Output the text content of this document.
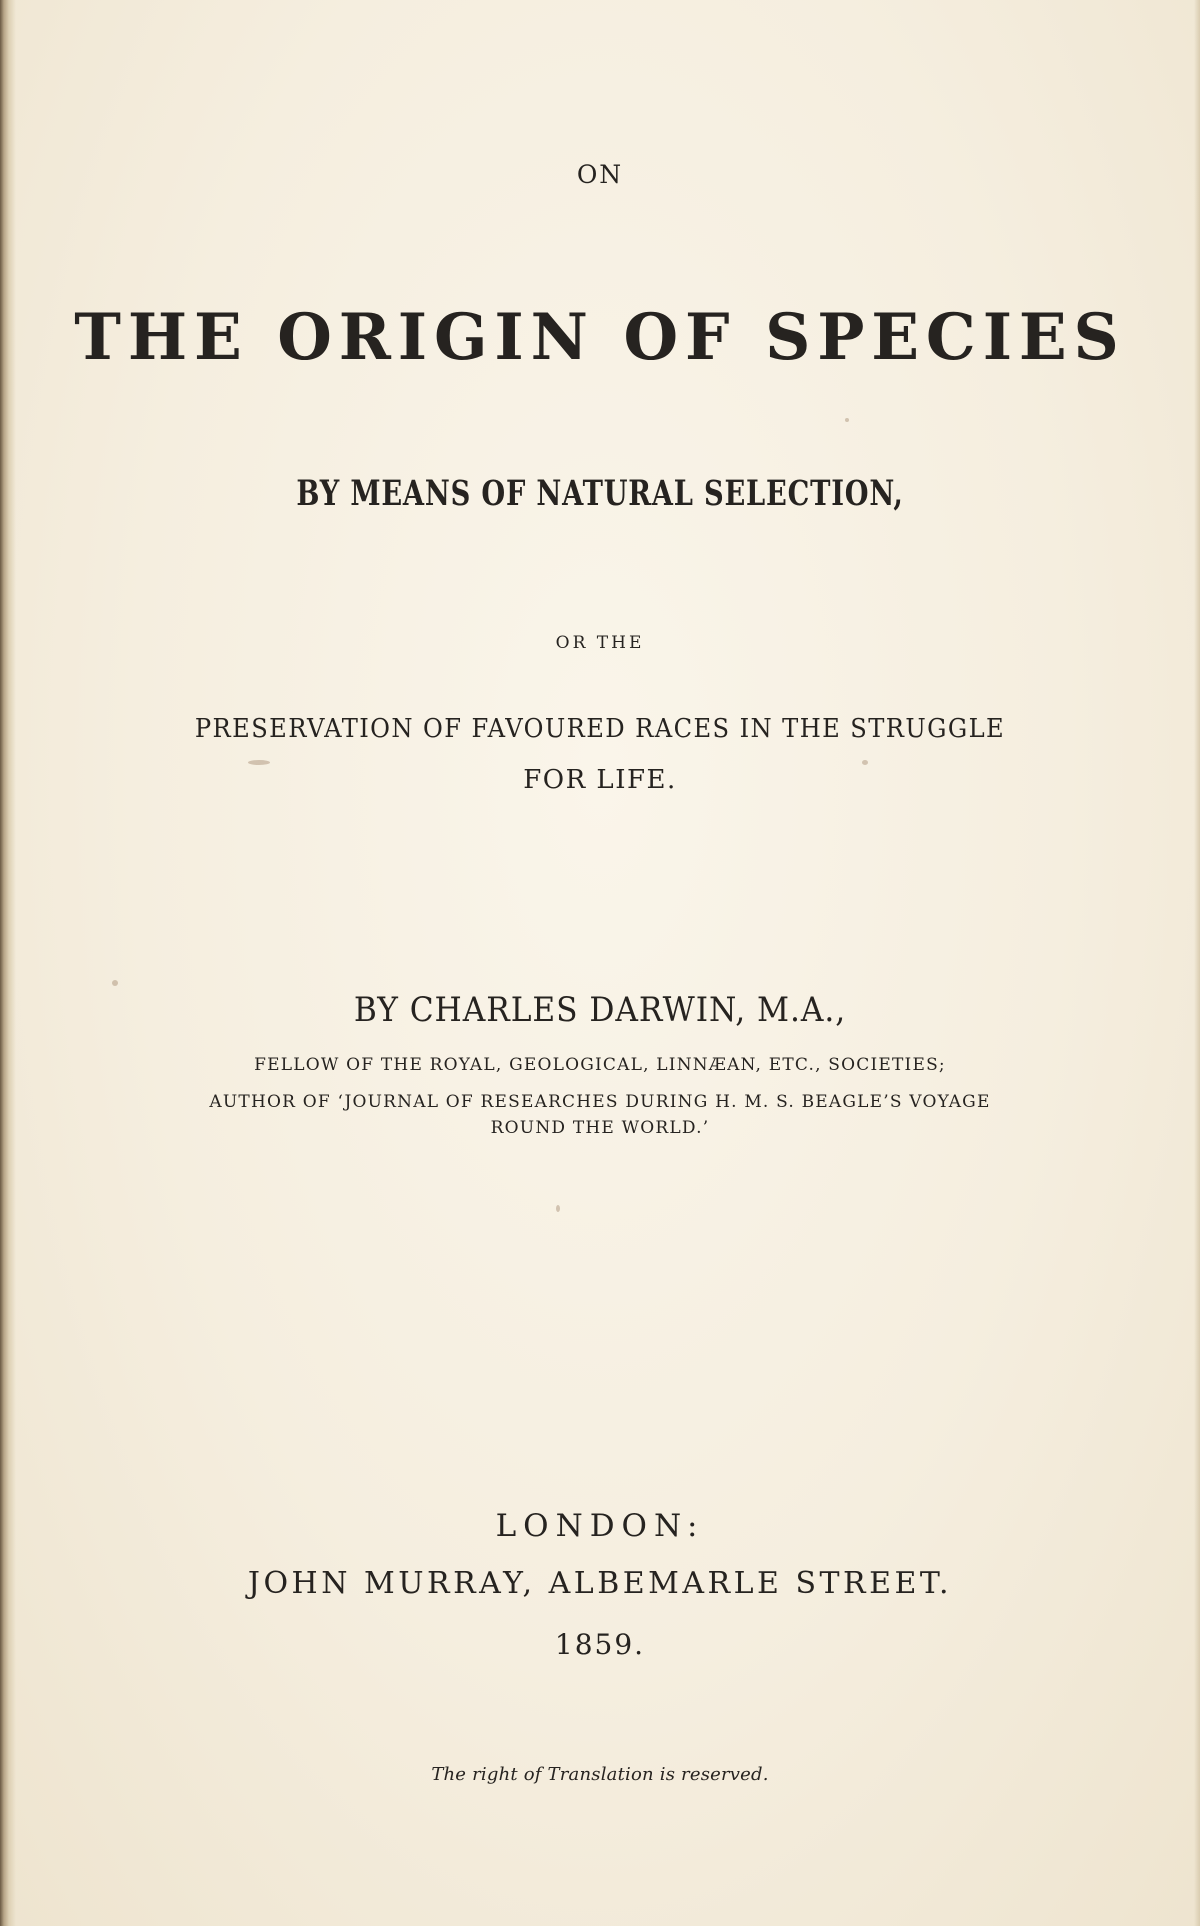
ON

THE ORIGIN OF SPECIES

BY MEANS OF NATURAL SELECTION,

OR THE

PRESERVATION OF FAVOURED RACES IN THE STRUGGLE

FOR LIFE.

BY CHARLES DARWIN, M.A.,

FELLOW OF THE ROYAL, GEOLOGICAL, LINNÆAN, ETC., SOCIETIES;

AUTHOR OF ‘JOURNAL OF RESEARCHES DURING H. M. S. BEAGLE’S VOYAGE

ROUND THE WORLD.’

LONDON:

JOHN MURRAY, ALBEMARLE STREET.

1859.

The right of Translation is reserved.
